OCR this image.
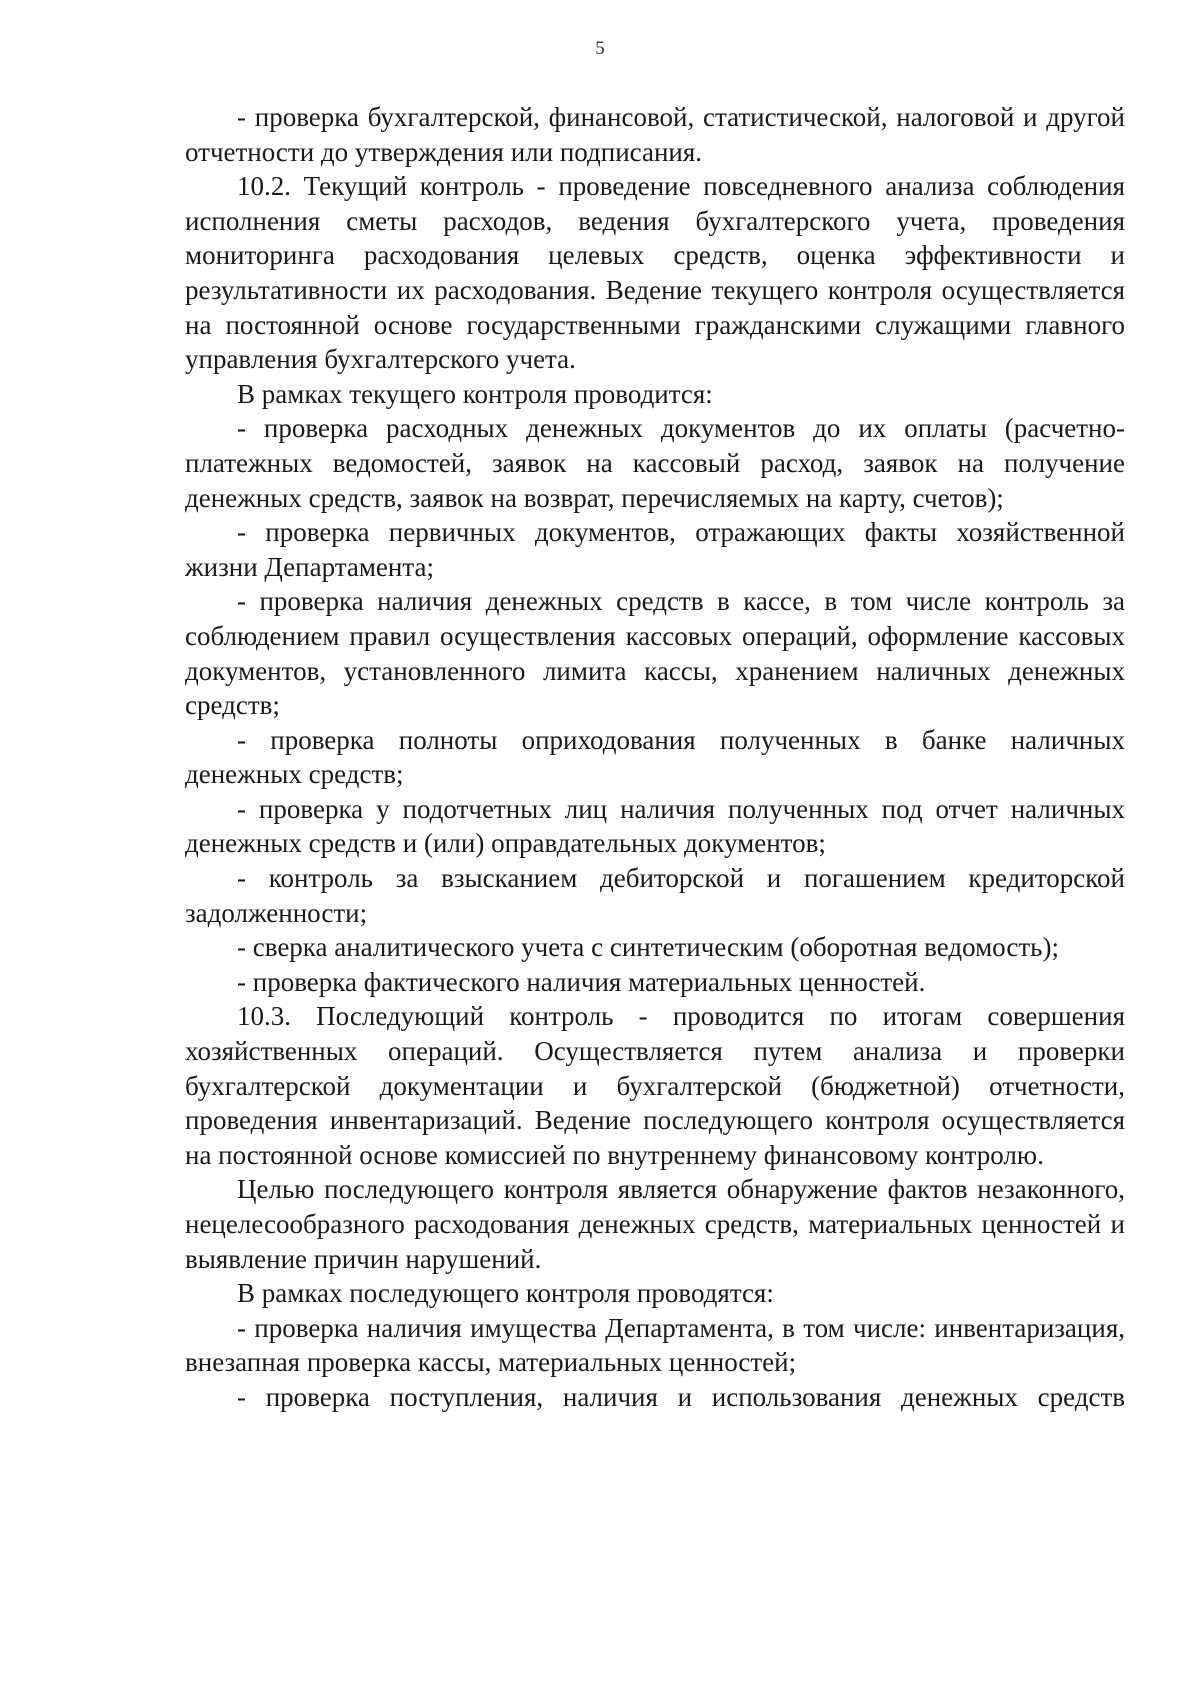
5

- проверка бухгалтерской, финансовой, статистической, налоговой и другой отчетности до утверждения или подписания.

10.2. Текущий контроль - проведение повседневного анализа соблюдения исполнения сметы расходов, ведения бухгалтерского учета, проведения мониторинга расходования целевых средств, оценка эффективности и результативности их расходования. Ведение текущего контроля осуществляется на постоянной основе государственными гражданскими служащими главного управления бухгалтерского учета.

В рамках текущего контроля проводится:

- проверка расходных денежных документов до их оплаты (расчетно-платежных ведомостей, заявок на кассовый расход, заявок на получение денежных средств, заявок на возврат, перечисляемых на карту, счетов);

- проверка первичных документов, отражающих факты хозяйственной жизни Департамента;

- проверка наличия денежных средств в кассе, в том числе контроль за соблюдением правил осуществления кассовых операций, оформление кассовых документов, установленного лимита кассы, хранением наличных денежных средств;

- проверка полноты оприходования полученных в банке наличных денежных средств;

- проверка у подотчетных лиц наличия полученных под отчет наличных денежных средств и (или) оправдательных документов;

- контроль за взысканием дебиторской и погашением кредиторской задолженности;

- сверка аналитического учета с синтетическим (оборотная ведомость);

- проверка фактического наличия материальных ценностей.

10.3. Последующий контроль - проводится по итогам совершения хозяйственных операций. Осуществляется путем анализа и проверки бухгалтерской документации и бухгалтерской (бюджетной) отчетности, проведения инвентаризаций. Ведение последующего контроля осуществляется на постоянной основе комиссией по внутреннему финансовому контролю.

Целью последующего контроля является обнаружение фактов незаконного, нецелесообразного расходования денежных средств, материальных ценностей и выявление причин нарушений.

В рамках последующего контроля проводятся:

- проверка наличия имущества Департамента, в том числе: инвентаризация, внезапная проверка кассы, материальных ценностей;

- проверка поступления, наличия и использования денежных средств
